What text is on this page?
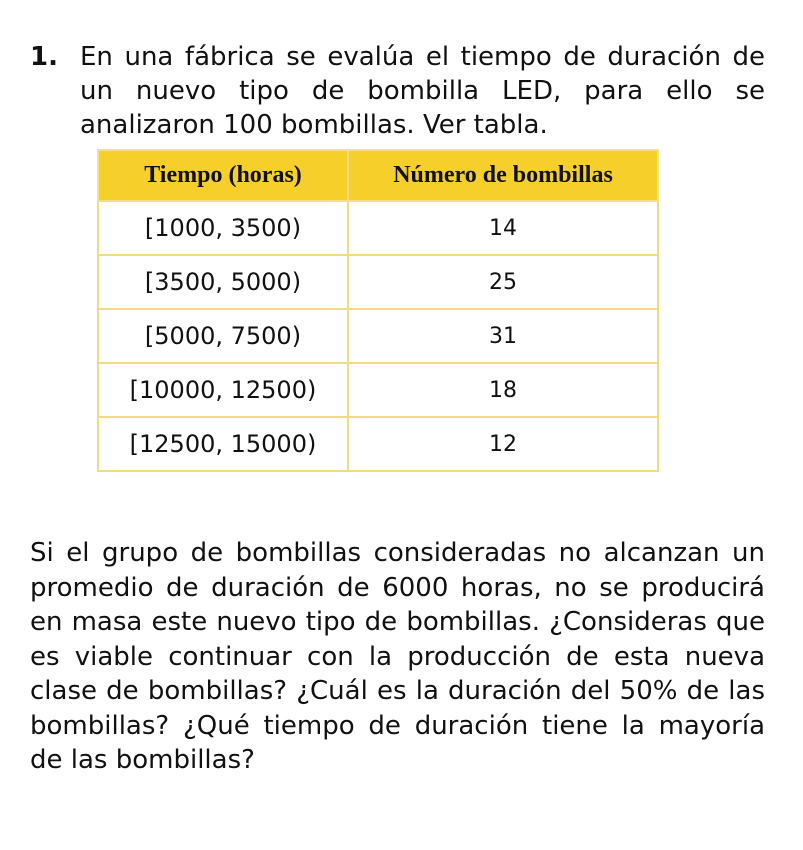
1. En una fábrica se evalúa el tiempo de duración de un nuevo tipo de bombilla LED, para ello se analizaron 100 bombillas. Ver tabla.
Tiempo (horas)	Número de bombillas
[1000, 3500)	14
[3500, 5000)	25
[5000, 7500)	31
[10000, 12500)	18
[12500, 15000)	12
Si el grupo de bombillas consideradas no alcanzan un promedio de duración de 6000 horas, no se producirá en masa este nuevo tipo de bombillas. ¿Consideras que es viable continuar con la producción de esta nueva clase de bombillas? ¿Cuál es la duración del 50% de las bombillas? ¿Qué tiempo de duración tiene la mayoría de las bombillas?
